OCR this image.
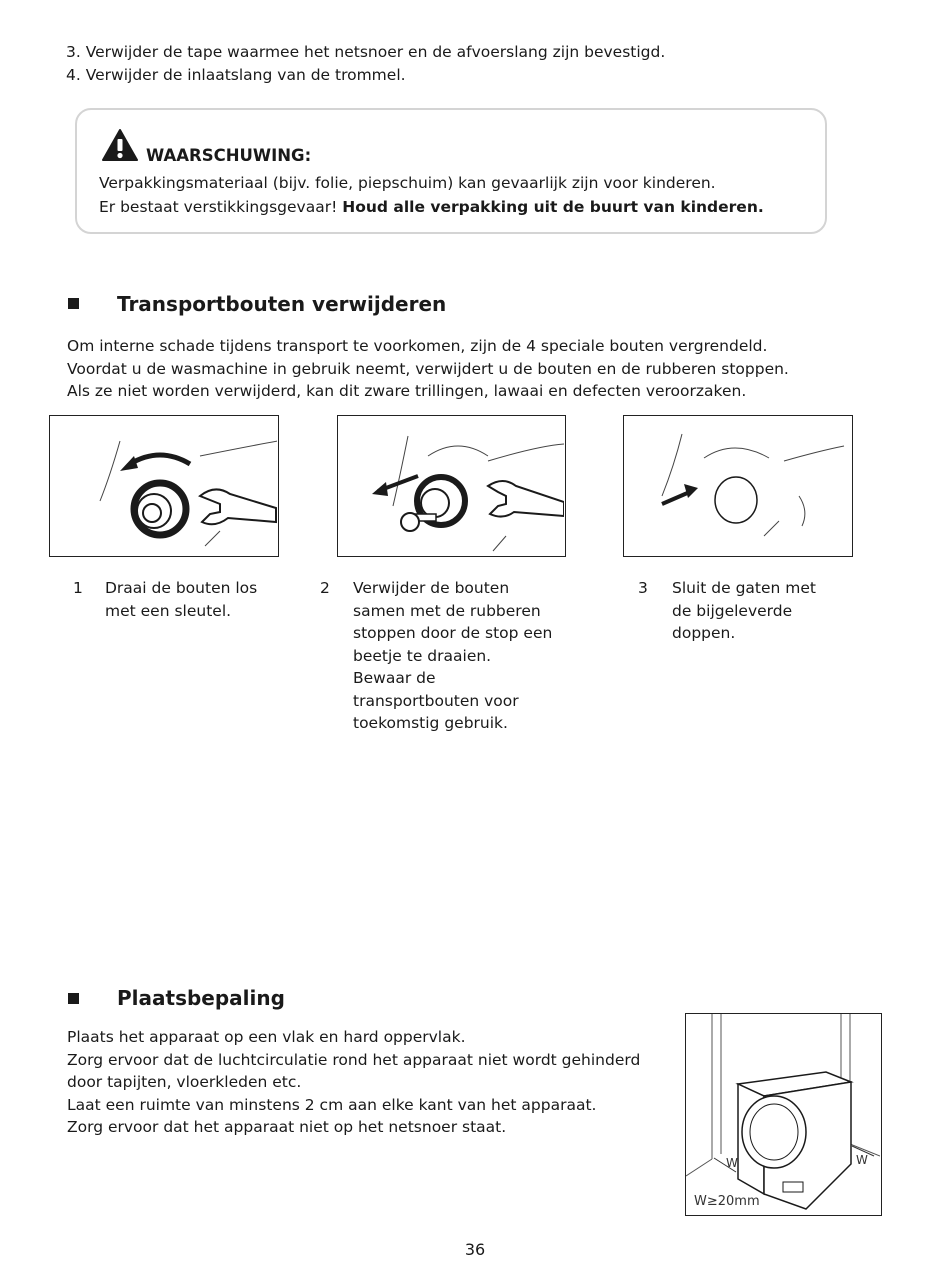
3. Verwijder de tape waarmee het netsnoer en de afvoerslang zijn bevestigd.
4. Verwijder de inlaatslang van de trommel.
WAARSCHUWING:
Verpakkingsmateriaal (bijv. folie, piepschuim) kan gevaarlijk zijn voor kinderen.
Er bestaat verstikkingsgevaar! Houd alle verpakking uit de buurt van kinderen.
Transportbouten verwijderen
Om interne schade tijdens transport te voorkomen, zijn de 4 speciale bouten vergrendeld.
Voordat u de wasmachine in gebruik neemt, verwijdert u de bouten en de rubberen stoppen.
Als ze niet worden verwijderd, kan dit zware trillingen, lawaai en defecten veroorzaken.
1 Draai de bouten los
met een sleutel.
2 Verwijder de bouten
samen met de rubberen
stoppen door de stop een
beetje te draaien.
Bewaar de
transportbouten voor
toekomstig gebruik.
3 Sluit de gaten met
de bijgeleverde
doppen.
Plaatsbepaling
Plaats het apparaat op een vlak en hard oppervlak.
Zorg ervoor dat de luchtcirculatie rond het apparaat niet wordt gehinderd
door tapijten, vloerkleden etc.
Laat een ruimte van minstens 2 cm aan elke kant van het apparaat.
Zorg ervoor dat het apparaat niet op het netsnoer staat.
W	W
W≥20mm
36
